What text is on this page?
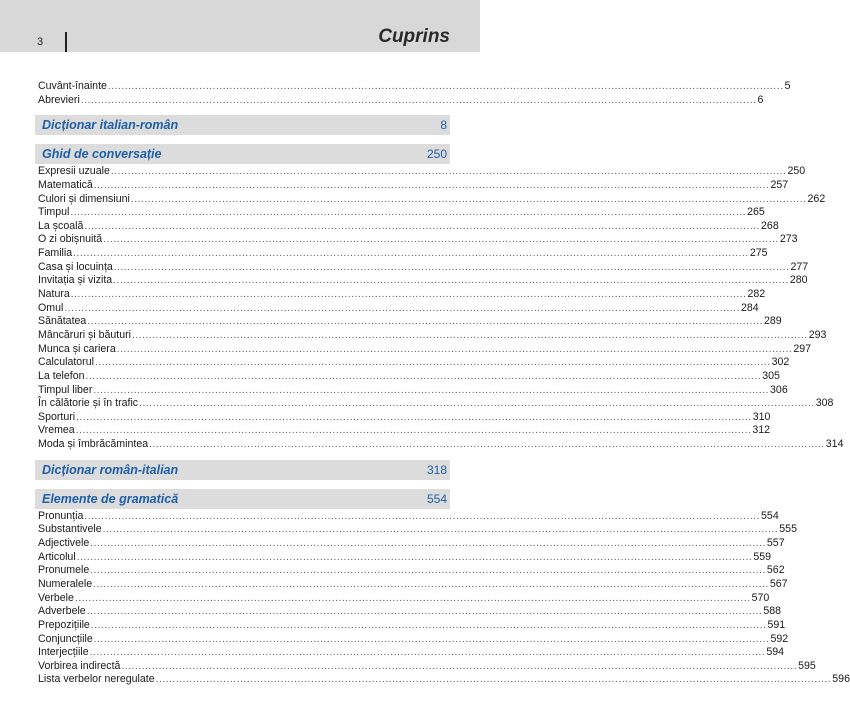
3	Cuprins
Cuvânt-înainte ........................................................................................................................................................................................................ 5
Abrevieri ........................................................................................................................................................................................................ 6
Dicționar italian-român	8
Ghid de conversație	250
Expresii uzuale ........................................................................................................................................................................................................ 250
Matematică ........................................................................................................................................................................................................ 257
Culori și dimensiuni ........................................................................................................................................................................................................ 262
Timpul ........................................................................................................................................................................................................ 265
La școală ........................................................................................................................................................................................................ 268
O zi obișnuită ........................................................................................................................................................................................................ 273
Familia ........................................................................................................................................................................................................ 275
Casa și locuința ........................................................................................................................................................................................................ 277
Invitația și vizita ........................................................................................................................................................................................................ 280
Natura ........................................................................................................................................................................................................ 282
Omul ........................................................................................................................................................................................................ 284
Sănătatea ........................................................................................................................................................................................................ 289
Mâncăruri și băuturi ........................................................................................................................................................................................................ 293
Munca și cariera ........................................................................................................................................................................................................ 297
Calculatorul ........................................................................................................................................................................................................ 302
La telefon ........................................................................................................................................................................................................ 305
Timpul liber ........................................................................................................................................................................................................ 306
În călătorie și în trafic ........................................................................................................................................................................................................ 308
Sporturi ........................................................................................................................................................................................................ 310
Vremea ........................................................................................................................................................................................................ 312
Moda și îmbrăcămintea ........................................................................................................................................................................................................ 314
Dicționar român-italian	318
Elemente de gramatică	554
Pronunția ........................................................................................................................................................................................................ 554
Substantivele ........................................................................................................................................................................................................ 555
Adjectivele ........................................................................................................................................................................................................ 557
Articolul ........................................................................................................................................................................................................ 559
Pronumele ........................................................................................................................................................................................................ 562
Numeralele ........................................................................................................................................................................................................ 567
Verbele ........................................................................................................................................................................................................ 570
Adverbele ........................................................................................................................................................................................................ 588
Prepozițiile ........................................................................................................................................................................................................ 591
Conjuncțiile ........................................................................................................................................................................................................ 592
Interjecțiile ........................................................................................................................................................................................................ 594
Vorbirea indirectă ........................................................................................................................................................................................................ 595
Lista verbelor neregulate ........................................................................................................................................................................................................ 596
